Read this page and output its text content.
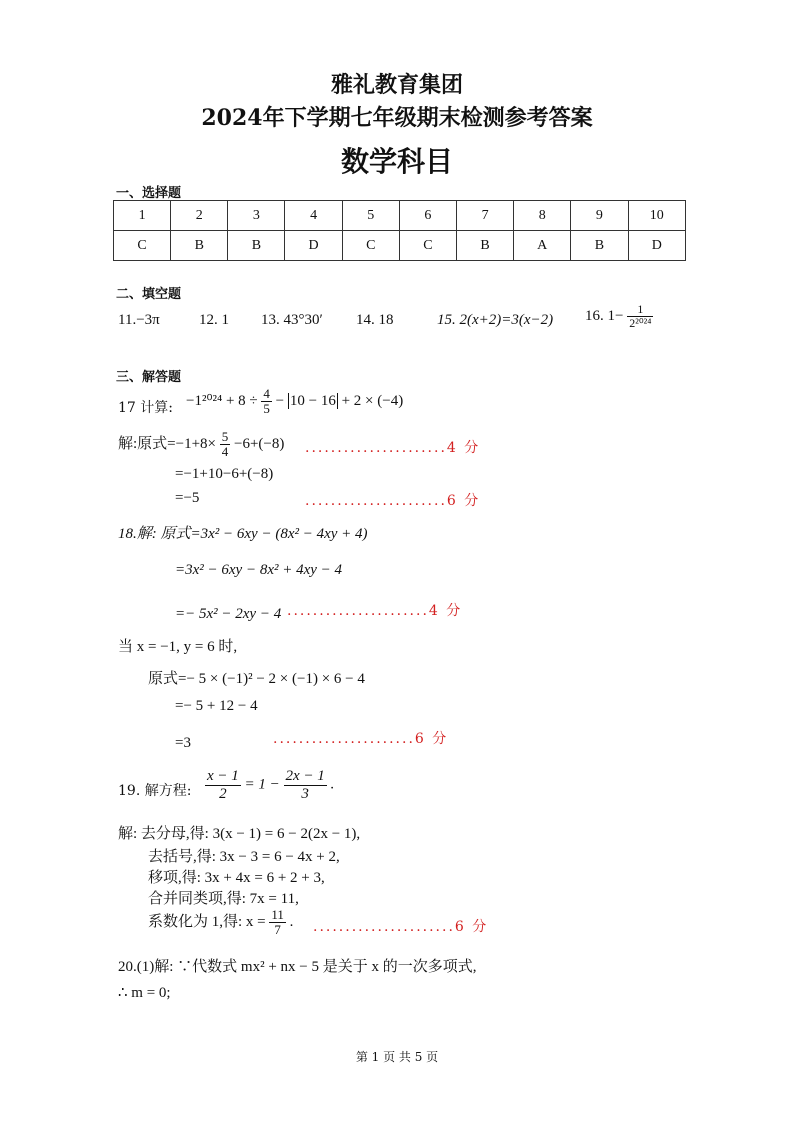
雅礼教育集团
2024年下学期七年级期末检测参考答案
数学科目
一、选择题
1	2	3	4	5	6	7	8	9	10
C	B	B	D	C	C	B	A	B	D
二、填空题
11.−3π	12. 1 13. 43°30′ 14. 18	15. 2(x+2)=3(x−2) 16. $1- \frac{1}{\text{2²⁰²⁴}}$
三、解答题
17 计算: $-1^{2024} + 8 \div \frac{4}{5} - 10 - 16 + 2 \times (-4)$
解:原式$=-1+8\times \frac{5}{4} -6+(-8)$ ......................4 分
=−1+10−6+(−8)
=−5	......................6 分
18.解: 原式=3x² − 6xy − (8x² − 4xy + 4)
=3x² − 6xy − 8x² + 4xy − 4
=− 5x² − 2xy − 4 ......................4 分
当 x = −1, y = 6 时,
原式=− 5 × (−1)² − 2 × (−1) × 6 − 4
=− 5 + 12 − 4
=3	......................6 分
19. 解方程: $\frac{x - 1}{2} = 1 - \frac{2x - 1}{3}$ .
解: 去分母,得: 3(x − 1) = 6 − 2(2x − 1),
去括号,得: 3x − 3 = 6 − 4x + 2,
移项,得: 3x + 4x = 6 + 2 + 3,
合并同类项,得: 7x = 11,
系数化为 1,得: $x = \frac{11}{7}$ . ......................6 分
20.(1)解: ∵代数式 mx² + nx − 5 是关于 x 的一次多项式,
∴ m = 0;
第 1 页 共 5 页
